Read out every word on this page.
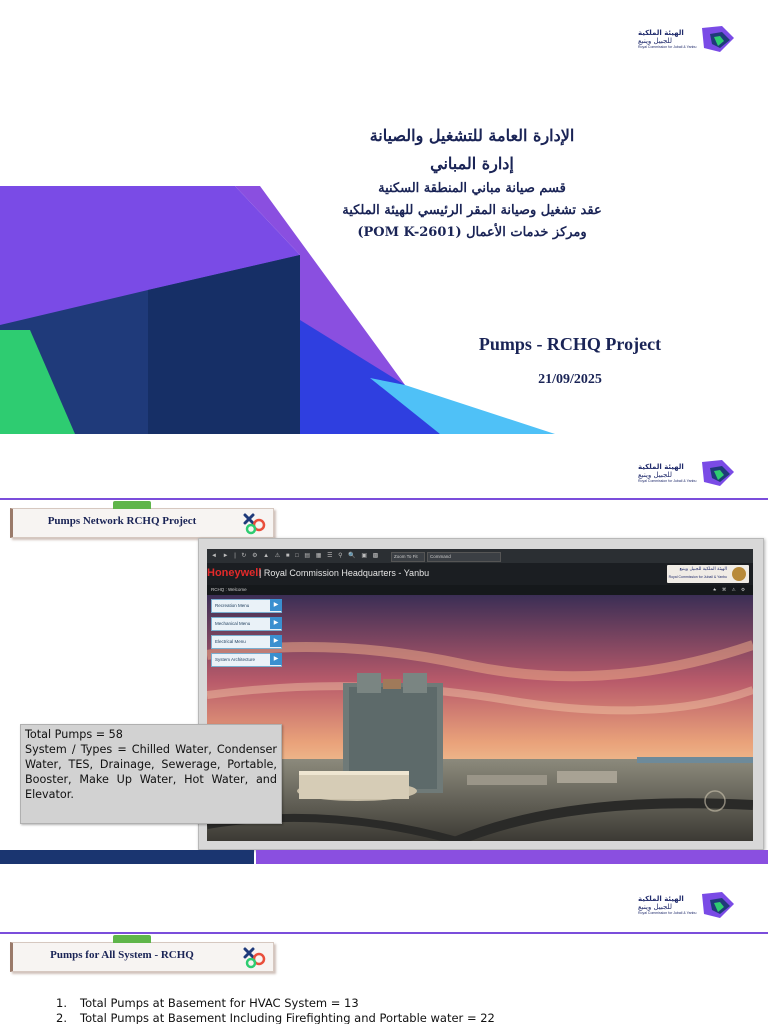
الهيئة الملكية
للجبيل وينبع
Royal Commission for Jubail & Yanbu
الإدارة العامة للتشغيل والصيانة
إدارة المباني
قسم صيانة مباني المنطقة السكنية
عقد تشغيل وصيانة المقر الرئيسي للهيئة الملكية
ومركز خدمات الأعمال (POM K-2601)
Pumps - RCHQ Project
21/09/2025
الهيئة الملكية
للجبيل وينبع
Royal Commission for Jubail & Yanbu
Pumps Network RCHQ Project
◄ ► | ↻ ⚙ ▲ ⚠ ■ □ ▤ ▦ ☰ ⚲ 🔍 ▣ ▩	Zoom To Fit	Command
Honeywell
| Royal Commission Headquarters - Yanbu	الهيئة الملكية للجبيل وينبع
Royal Commission for Jubail & Yanbu
RCHQ : Welcome	★ ⌘ ⚠ ⚙
Recreation Menu	▶
Mechanical Menu	▶
Electrical Menu	▶
System Architecture	▶
Total Pumps = 58
System / Types = Chilled Water, Condenser Water, TES, Drainage, Sewerage, Portable, Booster, Make Up Water, Hot Water, and Elevator.
الهيئة الملكية
للجبيل وينبع
Royal Commission for Jubail & Yanbu
Pumps for All System - RCHQ
1. Total Pumps at Basement for HVAC System = 13
2. Total Pumps at Basement Including Firefighting and Portable water = 22
